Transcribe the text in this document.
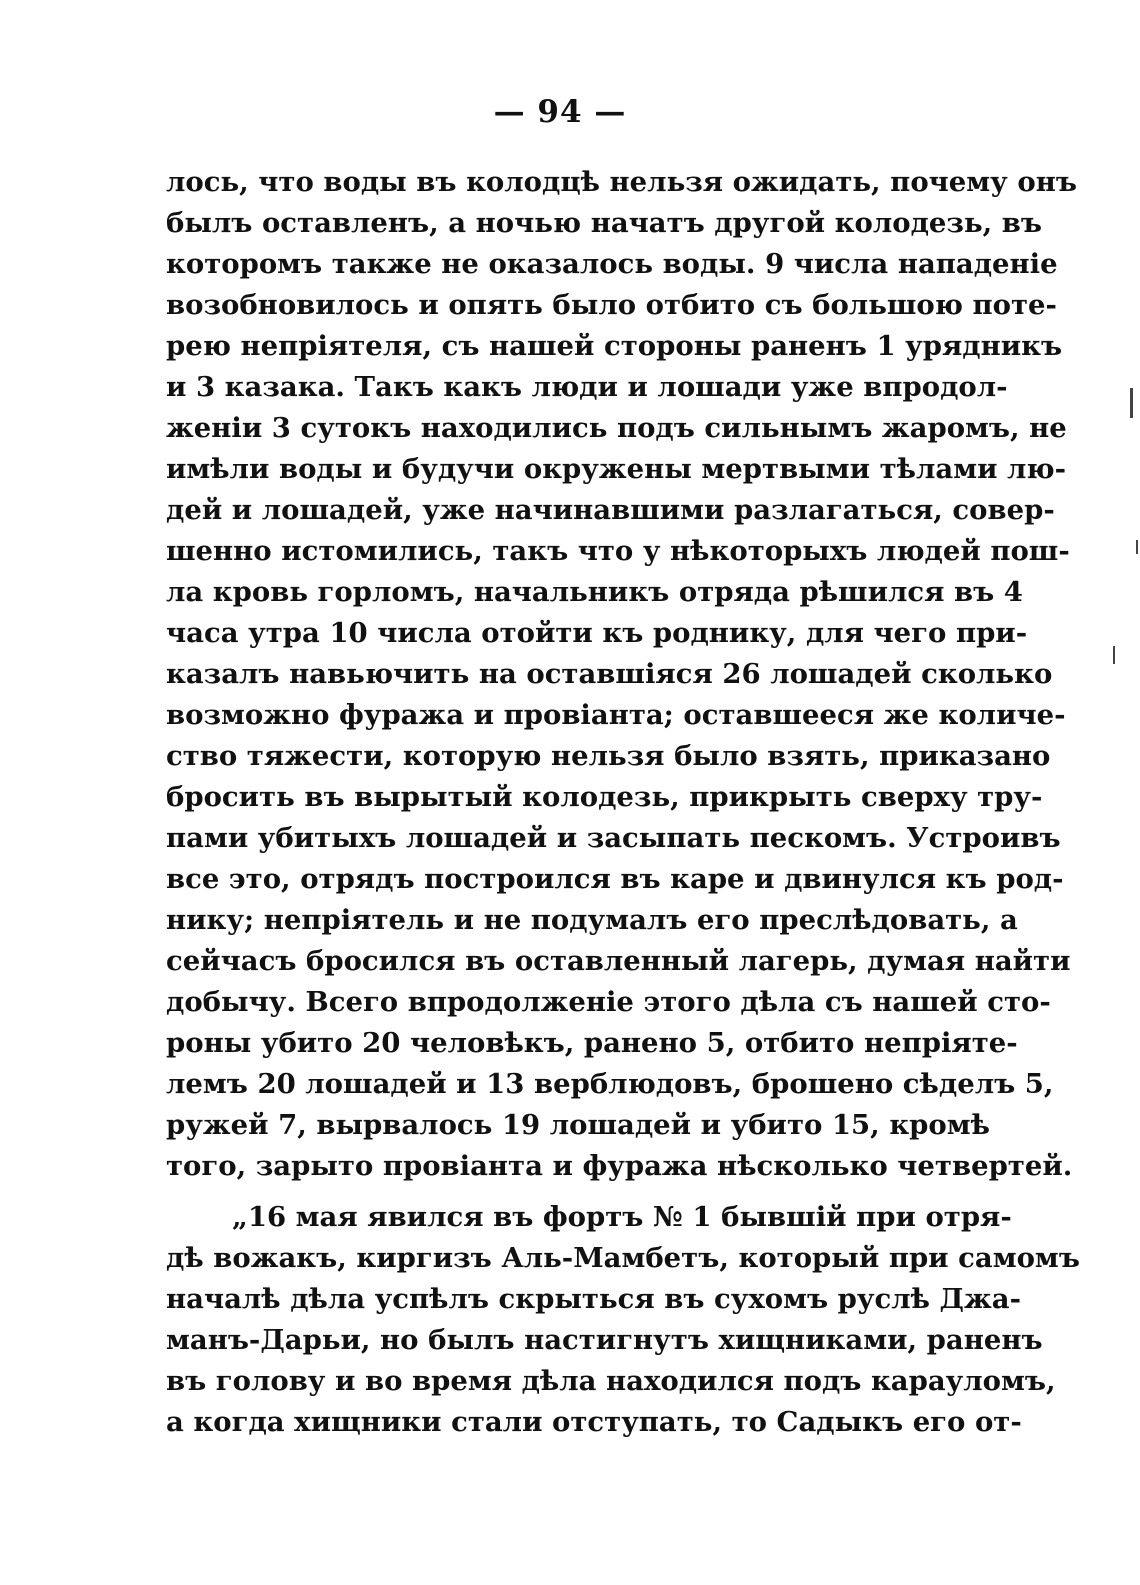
— 94 —
лось, что воды въ колодцѣ нельзя ожидать, почему онъ
былъ оставленъ, а ночью начатъ другой колодезь, въ
которомъ также не оказалось воды. 9 числа нападеніе
возобновилось и опять было отбито съ большою поте-
рею непріятеля, съ нашей стороны раненъ 1 урядникъ
и 3 казака. Такъ какъ люди и лошади уже впродол-
женіи 3 сутокъ находились подъ сильнымъ жаромъ, не
имѣли воды и будучи окружены мертвыми тѣлами лю-
дей и лошадей, уже начинавшими разлагаться, совер-
шенно истомились, такъ что у нѣкоторыхъ людей пош-
ла кровь горломъ, начальникъ отряда рѣшился въ 4
часа утра 10 числа отойти къ роднику, для чего при-
казалъ навьючить на оставшіяся 26 лошадей сколько
возможно фуража и провіанта; оставшееся же количе-
ство тяжести, которую нельзя было взять, приказано
бросить въ вырытый колодезь, прикрыть сверху тру-
пами убитыхъ лошадей и засыпать пескомъ. Устроивъ
все это, отрядъ построился въ каре и двинулся къ род-
нику; непріятель и не подумалъ его преслѣдовать, а
сейчасъ бросился въ оставленный лагерь, думая найти
добычу. Всего впродолженіе этого дѣла съ нашей сто-
роны убито 20 человѣкъ, ранено 5, отбито непріяте-
лемъ 20 лошадей и 13 верблюдовъ, брошено сѣделъ 5,
ружей 7, вырвалось 19 лошадей и убито 15, кромѣ
того, зарыто провіанта и фуража нѣсколько четвертей.
„16 мая явился въ фортъ № 1 бывшій при отря-
дѣ вожакъ, киргизъ Аль-Мамбетъ, который при самомъ
началѣ дѣла успѣлъ скрыться въ сухомъ руслѣ Джа-
манъ-Дарьи, но былъ настигнутъ хищниками, раненъ
въ голову и во время дѣла находился подъ карауломъ,
а когда хищники стали отступать, то Садыкъ его от-
